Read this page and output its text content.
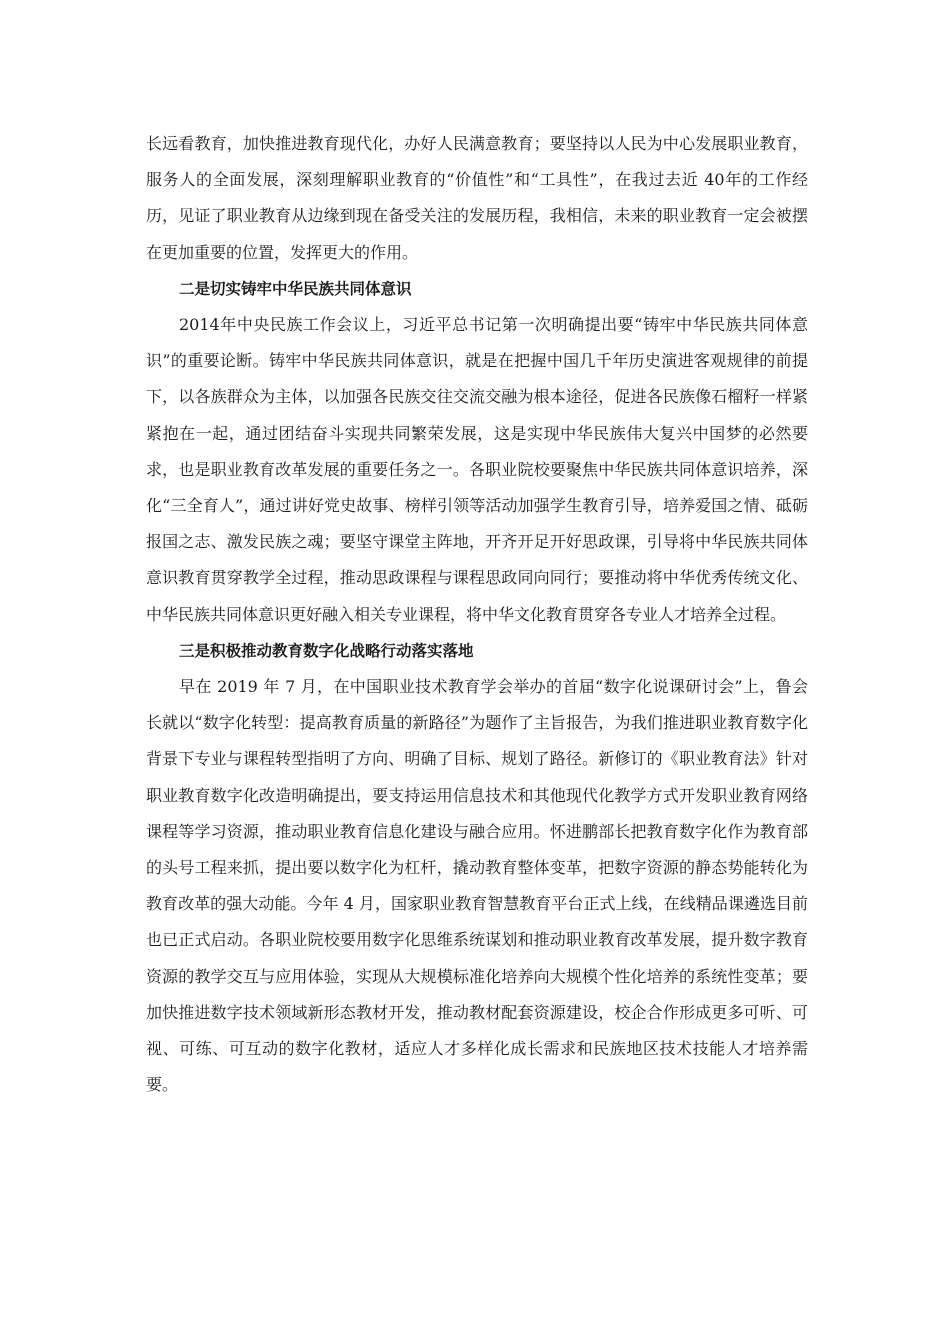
长远看教育，加快推进教育现代化，办好人民满意教育；要坚持以人民为中心发展职业教育，服务人的全面发展，深刻理解职业教育的“价值性”和“工具性”，在我过去近 40年的工作经历，见证了职业教育从边缘到现在备受关注的发展历程，我相信，未来的职业教育一定会被摆在更加重要的位置，发挥更大的作用。

二是切实铸牢中华民族共同体意识

2014年中央民族工作会议上，习近平总书记第一次明确提出要“铸牢中华民族共同体意识”的重要论断。铸牢中华民族共同体意识，就是在把握中国几千年历史演进客观规律的前提下，以各族群众为主体，以加强各民族交往交流交融为根本途径，促进各民族像石榴籽一样紧紧抱在一起，通过团结奋斗实现共同繁荣发展，这是实现中华民族伟大复兴中国梦的必然要求，也是职业教育改革发展的重要任务之一。各职业院校要聚焦中华民族共同体意识培养，深化“三全育人”，通过讲好党史故事、榜样引领等活动加强学生教育引导，培养爱国之情、砥砺报国之志、激发民族之魂；要坚守课堂主阵地，开齐开足开好思政课，引导将中华民族共同体意识教育贯穿教学全过程，推动思政课程与课程思政同向同行；要推动将中华优秀传统文化、中华民族共同体意识更好融入相关专业课程，将中华文化教育贯穿各专业人才培养全过程。

三是积极推动教育数字化战略行动落实落地

早在 2019 年 7 月，在中国职业技术教育学会举办的首届“数字化说课研讨会”上，鲁会长就以“数字化转型：提高教育质量的新路径”为题作了主旨报告，为我们推进职业教育数字化背景下专业与课程转型指明了方向、明确了目标、规划了路径。新修订的《职业教育法》针对职业教育数字化改造明确提出，要支持运用信息技术和其他现代化教学方式开发职业教育网络课程等学习资源，推动职业教育信息化建设与融合应用。怀进鹏部长把教育数字化作为教育部的头号工程来抓，提出要以数字化为杠杆，撬动教育整体变革，把数字资源的静态势能转化为教育改革的强大动能。今年 4 月，国家职业教育智慧教育平台正式上线，在线精品课遴选目前也已正式启动。各职业院校要用数字化思维系统谋划和推动职业教育改革发展，提升数字教育资源的教学交互与应用体验，实现从大规模标准化培养向大规模个性化培养的系统性变革；要加快推进数字技术领域新形态教材开发，推动教材配套资源建设，校企合作形成更多可听、可视、可练、可互动的数字化教材，适应人才多样化成长需求和民族地区技术技能人才培养需要。
